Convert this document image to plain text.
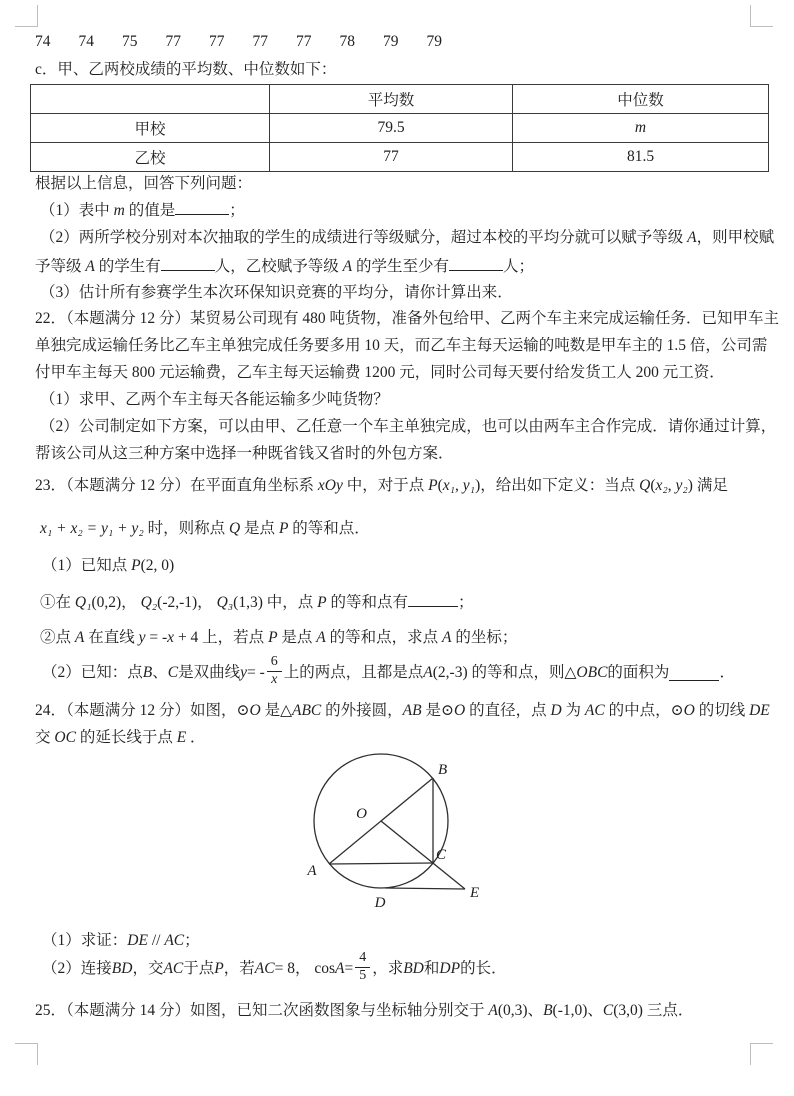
74 74 75 77 77 77 77 78 79 79
c．甲、乙两校成绩的平均数、中位数如下：
	平均数	中位数
甲校	79.5	m
乙校	77	81.5
根据以上信息，回答下列问题：
（1）表中 m 的值是	；
（2）两所学校分别对本次抽取的学生的成绩进行等级赋分，超过本校的平均分就可以赋予等级 A，则甲校赋
予等级 A 的学生有	人，乙校赋予等级 A 的学生至少有	人；
（3）估计所有参赛学生本次环保知识竞赛的平均分，请你计算出来．
22．（本题满分 12 分）某贸易公司现有 480 吨货物，准备外包给甲、乙两个车主来完成运输任务．已知甲车主
单独完成运输任务比乙车主单独完成任务要多用 10 天，而乙车主每天运输的吨数是甲车主的 1.5 倍，公司需
付甲车主每天 800 元运输费，乙车主每天运输费 1200 元，同时公司每天要付给发货工人 200 元工资．
（1）求甲、乙两个车主每天各能运输多少吨货物？
（2）公司制定如下方案，可以由甲、乙任意一个车主单独完成，也可以由两车主合作完成．请你通过计算，
帮该公司从这三种方案中选择一种既省钱又省时的外包方案．
23．（本题满分 12 分）在平面直角坐标系 xOy 中，对于点 P(x₁, y₁)，给出如下定义：当点 Q(x₂, y₂) 满足
x₁ + x₂ = y₁ + y₂ 时，则称点 Q 是点 P 的等和点．
（1）已知点 P(2, 0)
①在 Q₁(0,2)， Q₂(-2,-1)， Q₃(1,3) 中，点 P 的等和点有	；
②点 A 在直线 y = -x + 4 上，若点 P 是点 A 的等和点，求点 A 的坐标；
（2）已知：点 B 、 C 是双曲线 y = - $\frac{6}{x}$ 上的两点，且都是点 A (2,-3) 的等和点，则△ OBC 的面积为	．
24．（本题满分 12 分）如图，⊙O 是△ABC 的外接圆，AB 是⊙O 的直径，点 D 为 AC 的中点，⊙O 的切线 DE
交 OC 的延长线于点 E ．
O
A
B
C
D
E
（1）求证：DE // AC；
（2）连接 BD ，交 AC 于点 P ，若 AC = 8， $\cos A = \frac{4}{5}$ ，求 BD 和 DP 的长．
25．（本题满分 14 分）如图，已知二次函数图象与坐标轴分别交于 A(0,3)、B(-1,0)、C(3,0) 三点．
